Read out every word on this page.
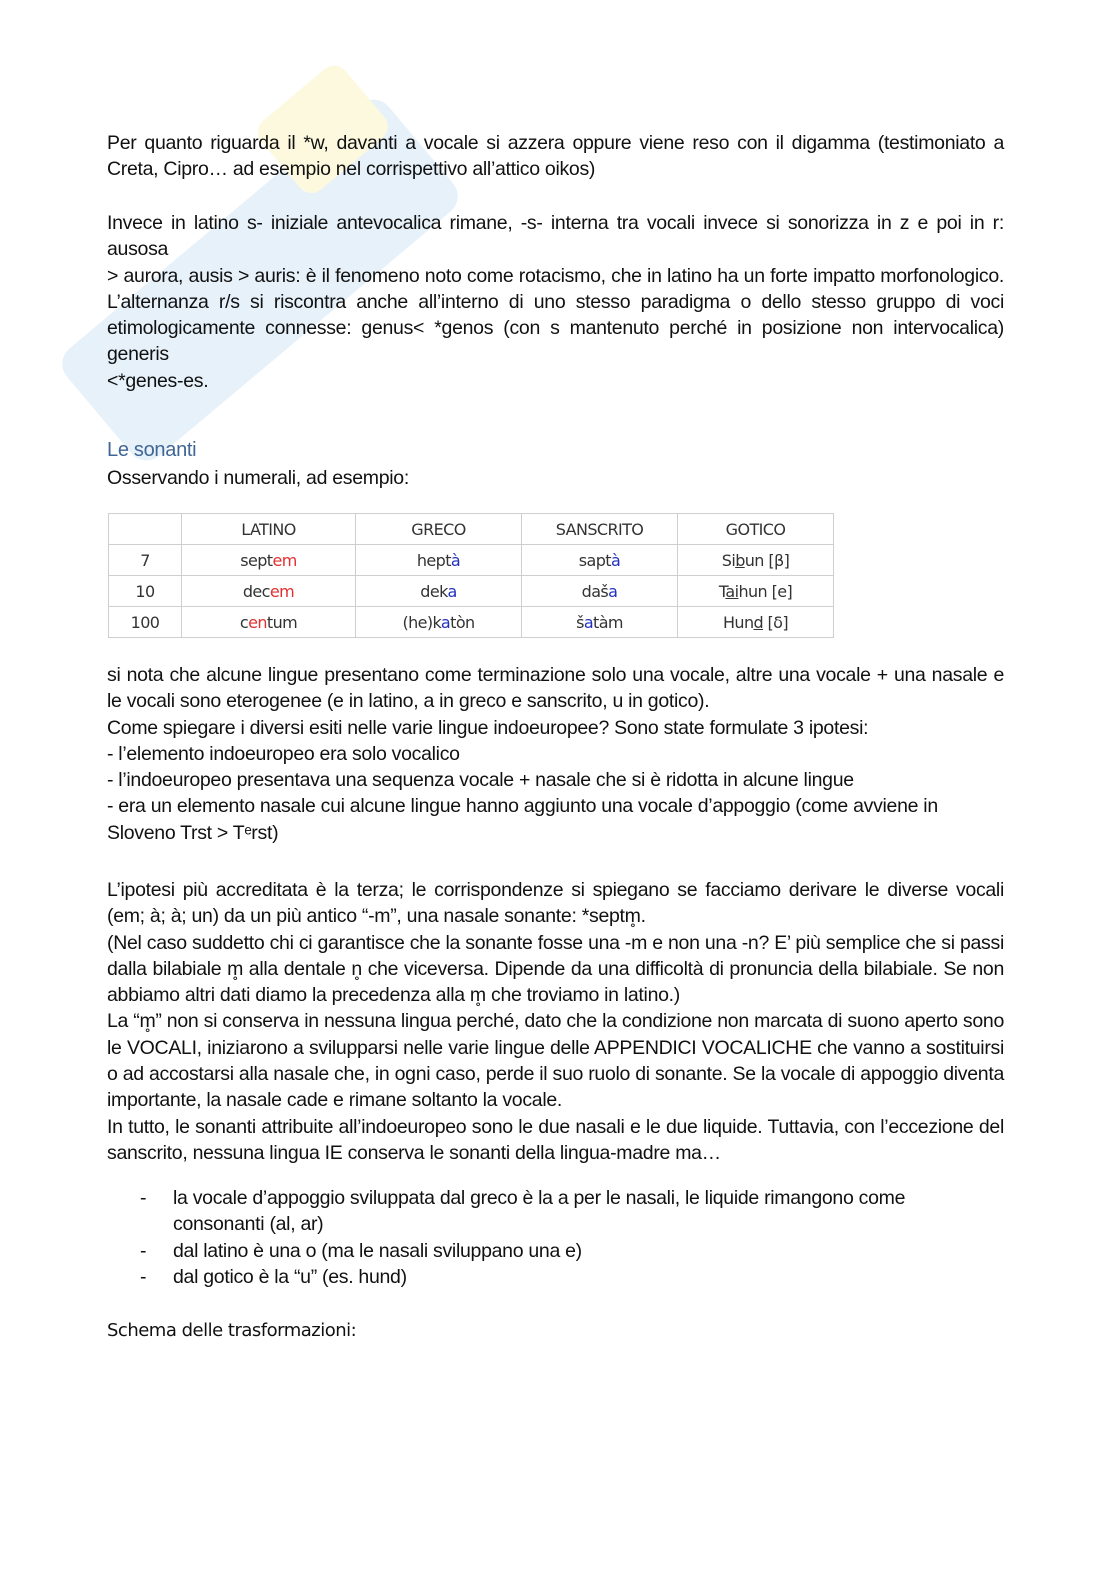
Per quanto riguarda il *w, davanti a vocale si azzera oppure viene reso con il digamma (testimoniato a Creta, Cipro… ad esempio nel corrispettivo all’attico oikos)

Invece in latino s- iniziale antevocalica rimane, -s- interna tra vocali invece si sonorizza in z e poi in r: ausosa

> aurora, ausis > auris: è il fenomeno noto come rotacismo, che in latino ha un forte impatto morfonologico. L’alternanza r/s si riscontra anche all’interno di uno stesso paradigma o dello stesso gruppo di voci etimologicamente connesse: genus< *genos (con s mantenuto perché in posizione non intervocalica) generis

<*genes-es.

Le sonanti
Osservando i numerali, ad esempio:
	LATINO	GRECO	SANSCRITO	GOTICO
7	septem	heptà	saptà	Sibun [β]
10	decem	deka	daša	Taihun [e]
100	centum	(he)katòn	šatàm	Hund [δ]

si nota che alcune lingue presentano come terminazione solo una vocale, altre una vocale + una nasale e le vocali sono eterogenee (e in latino, a in greco e sanscrito, u in gotico).

Come spiegare i diversi esiti nelle varie lingue indoeuropee? Sono state formulate 3 ipotesi:

- l’elemento indoeuropeo era solo vocalico

- l’indoeuropeo presentava una sequenza vocale + nasale che si è ridotta in alcune lingue

- era un elemento nasale cui alcune lingue hanno aggiunto una vocale d’appoggio (come avviene in Sloveno Trst > Tᵉrst)

L’ipotesi più accreditata è la terza; le corrispondenze si spiegano se facciamo derivare le diverse vocali (em; à; à; un) da un più antico “-m”, una nasale sonante: *septm̥.

(Nel caso suddetto chi ci garantisce che la sonante fosse una -m e non una -n? E’ più semplice che si passi dalla bilabiale m̥ alla dentale n̥ che viceversa. Dipende da una difficoltà di pronuncia della bilabiale. Se non abbiamo altri dati diamo la precedenza alla m̥ che troviamo in latino.)

La “m̥” non si conserva in nessuna lingua perché, dato che la condizione non marcata di suono aperto sono le VOCALI, iniziarono a svilupparsi nelle varie lingue delle APPENDICI VOCALICHE che vanno a sostituirsi o ad accostarsi alla nasale che, in ogni caso, perde il suo ruolo di sonante. Se la vocale di appoggio diventa importante, la nasale cade e rimane soltanto la vocale.

In tutto, le sonanti attribuite all’indoeuropeo sono le due nasali e le due liquide. Tuttavia, con l’eccezione del sanscrito, nessuna lingua IE conserva le sonanti della lingua-madre ma…

- la vocale d’appoggio sviluppata dal greco è la a per le nasali, le liquide rimangono come consonanti (al, ar)
- dal latino è una o (ma le nasali sviluppano una e)
- dal gotico è la “u” (es. hund)
Schema delle trasformazioni:
